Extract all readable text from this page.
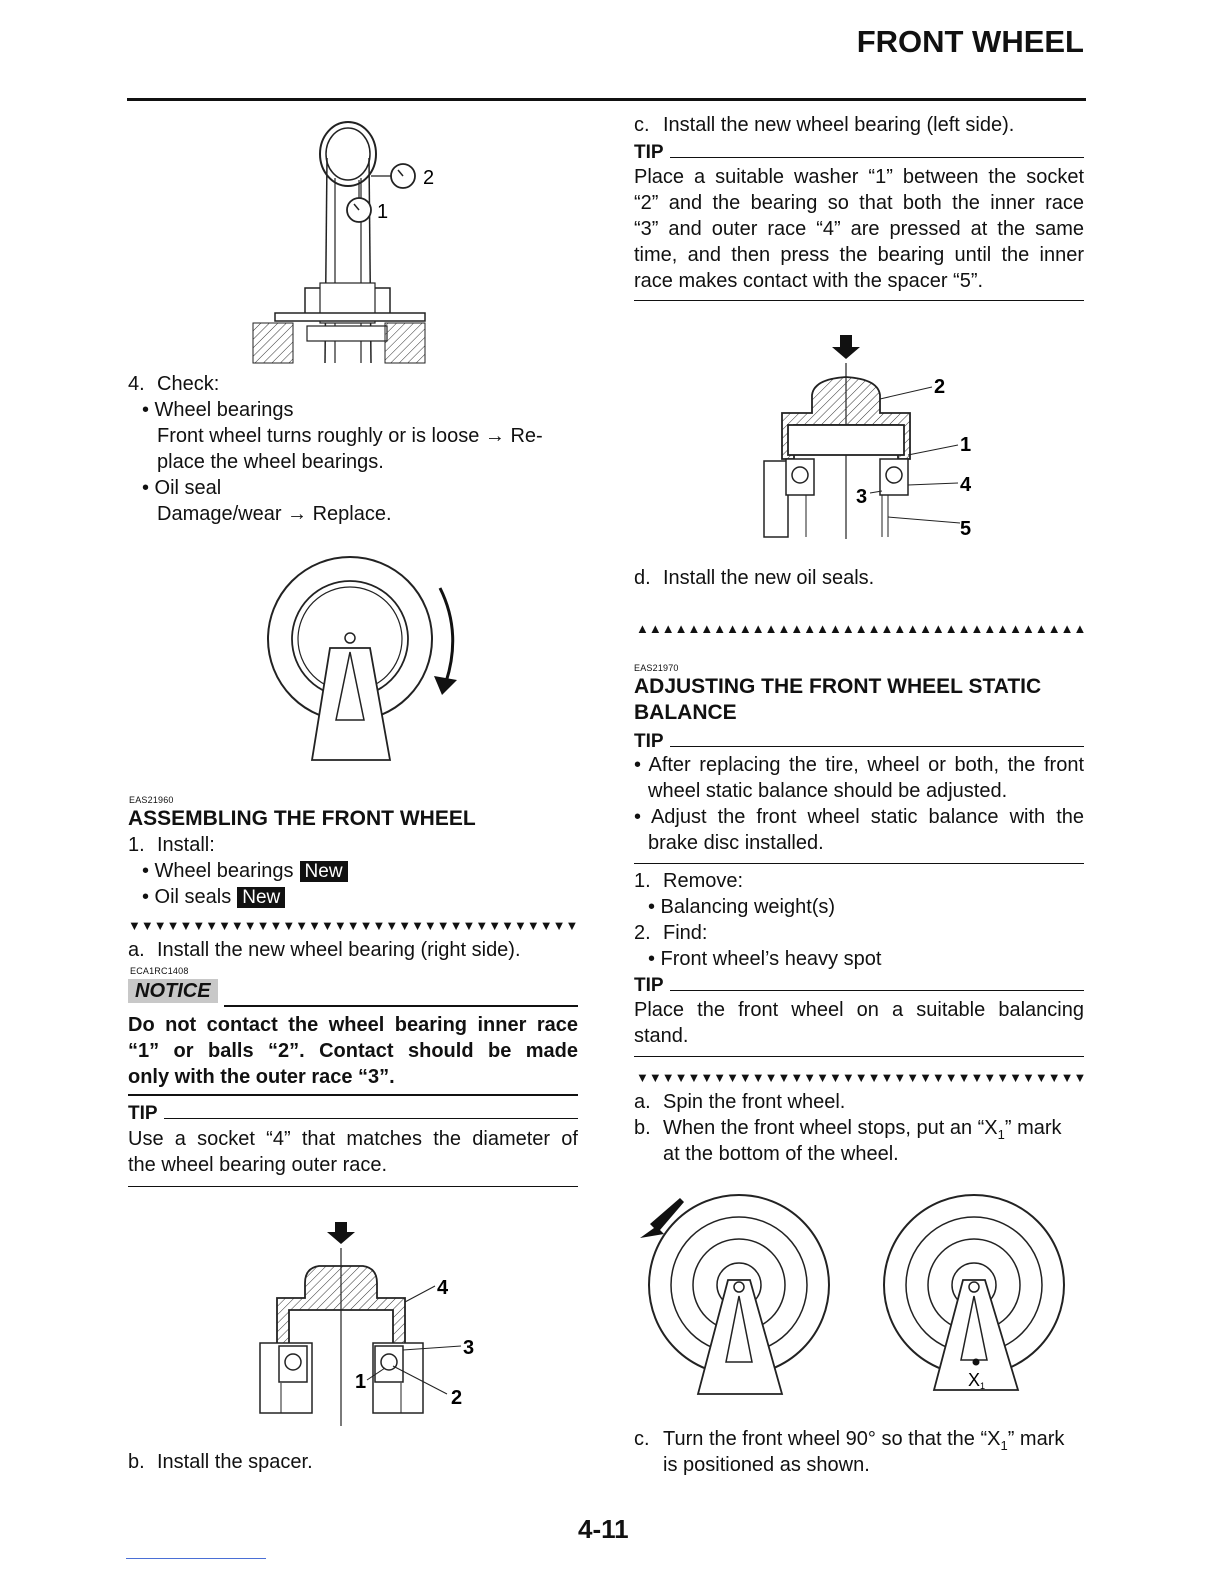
FRONT WHEEL
2
1
4. Check:
• Wheel bearings
Front wheel turns roughly or is loose → Re-
place the wheel bearings.
• Oil seal
Damage/wear → Replace.
EAS21960
ASSEMBLING THE FRONT WHEEL
1. Install:
• Wheel bearings New
• Oil seals New
▼▼▼▼▼▼▼▼▼▼▼▼▼▼▼▼▼▼▼▼▼▼▼▼▼▼▼▼▼▼▼▼▼▼▼
a. Install the new wheel bearing (right side).
ECA1RC1408
NOTICE
Do not contact the wheel bearing inner race
“1” or balls “2”. Contact should be made
only with the outer race “3”.
TIP
Use a socket “4” that matches the diameter of
the wheel bearing outer race.
4
3
1
2
b. Install the spacer.
c. Install the new wheel bearing (left side).
TIP
Place a suitable washer “1” between the socket
“2” and the bearing so that both the inner race
“3” and outer race “4” are pressed at the same
time, and then press the bearing until the inner
race makes contact with the spacer “5”.
2
1
4
3
5
d. Install the new oil seals.
▲▲▲▲▲▲▲▲▲▲▲▲▲▲▲▲▲▲▲▲▲▲▲▲▲▲▲▲▲▲▲▲▲▲▲
EAS21970
ADJUSTING THE FRONT WHEEL STATIC
BALANCE
TIP
• After replacing the tire, wheel or both, the front
wheel static balance should be adjusted.
• Adjust the front wheel static balance with the
brake disc installed.
1. Remove:
• Balancing weight(s)
2. Find:
• Front wheel’s heavy spot
TIP
Place the front wheel on a suitable balancing
stand.
▼▼▼▼▼▼▼▼▼▼▼▼▼▼▼▼▼▼▼▼▼▼▼▼▼▼▼▼▼▼▼▼▼▼▼
a. Spin the front wheel.
b. When the front wheel stops, put an “$X_1$” mark
at the bottom of the wheel.
X1
c. Turn the front wheel 90° so that the “$X_1$” mark
is positioned as shown.
4-11
